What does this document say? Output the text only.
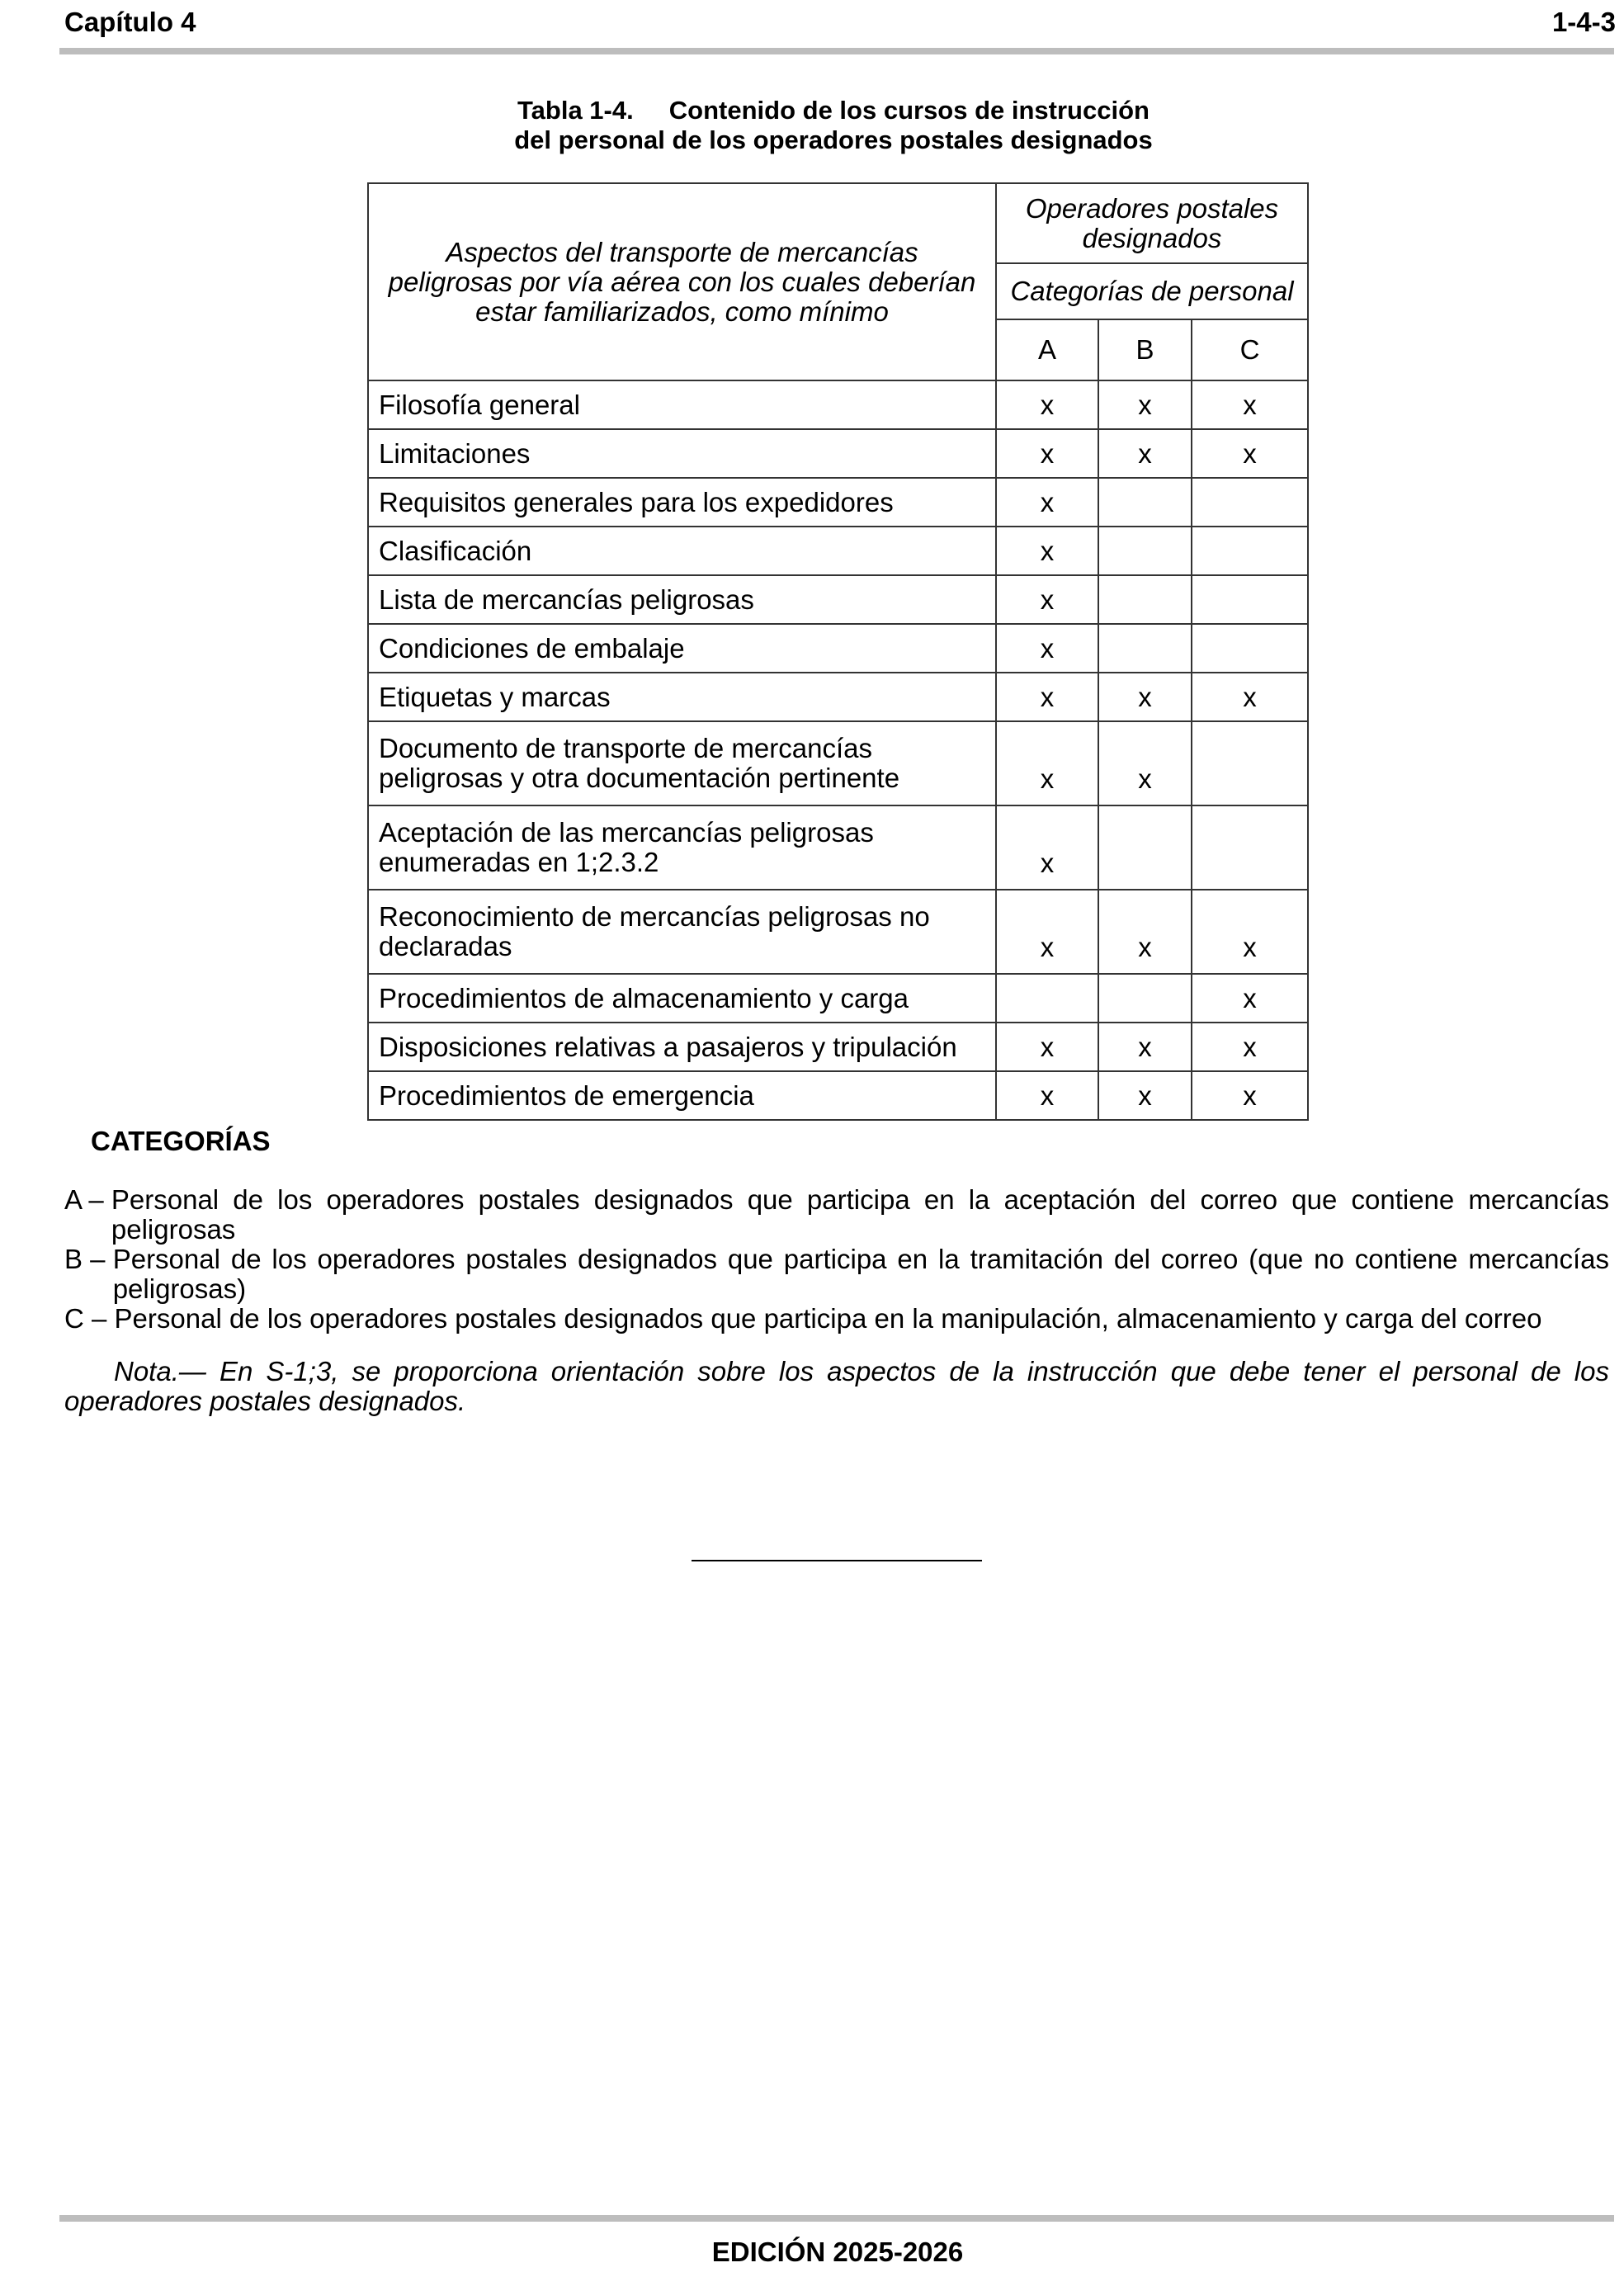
Capítulo 4	1-4-3
Tabla 1-4.     Contenido de los cursos de instrucción
del personal de los operadores postales designados
Aspectos del transporte de mercancías peligrosas por vía aérea con los cuales deberían estar familiarizados, como mínimo	Operadores postales designados		
	Categorías de personal		
	A	B	C
Filosofía general	x	x	x
Limitaciones	x	x	x
Requisitos generales para los expedidores	x		
Clasificación	x		
Lista de mercancías peligrosas	x		
Condiciones de embalaje	x		
Etiquetas y marcas	x	x	x
Documento de transporte de mercancías peligrosas y otra documentación pertinente	x	x	
Aceptación de las mercancías peligrosas enumeradas en 1;2.3.2	x		
Reconocimiento de mercancías peligrosas no declaradas	x	x	x
Procedimientos de almacenamiento y carga			x
Disposiciones relativas a pasajeros y tripulación	x	x	x
Procedimientos de emergencia	x	x	x
CATEGORÍAS
A – Personal de los operadores postales designados que participa en la aceptación del correo que contiene mercancías peligrosas
B – Personal de los operadores postales designados que participa en la tramitación del correo (que no contiene mercancías peligrosas)
C – Personal de los operadores postales designados que participa en la manipulación, almacenamiento y carga del correo
Nota.— En S-1;3, se proporciona orientación sobre los aspectos de la instrucción que debe tener el personal de los operadores postales designados.
EDICIÓN 2025-2026
